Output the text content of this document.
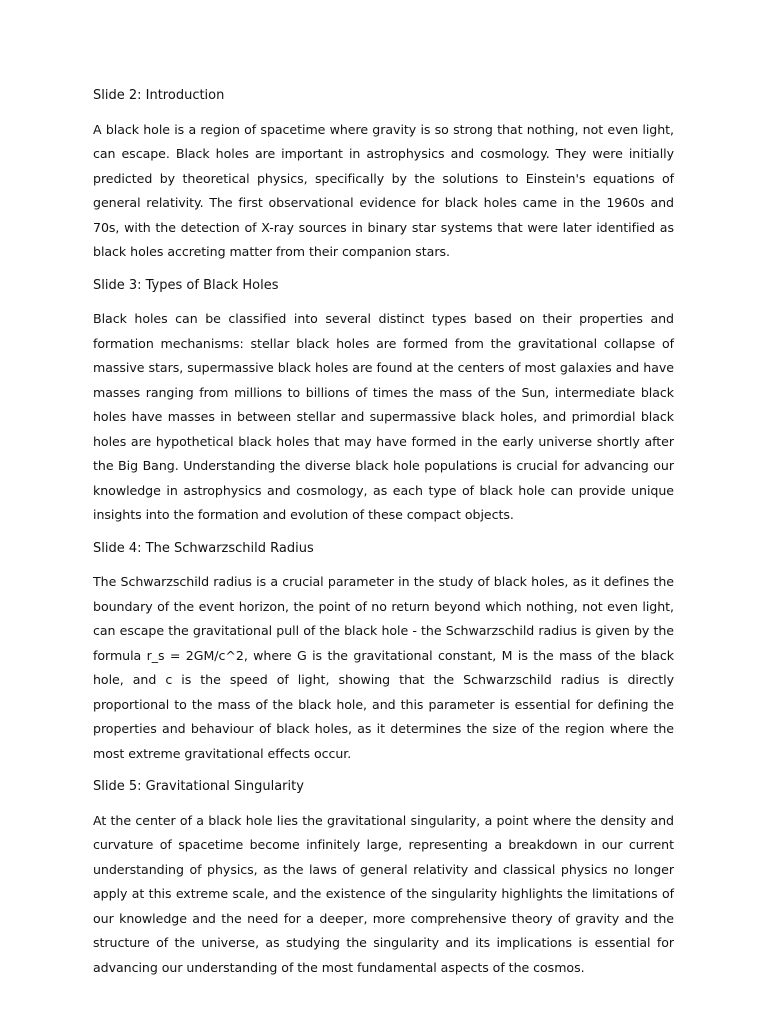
Slide 2: Introduction

A black hole is a region of spacetime where gravity is so strong that nothing, not even light, can escape. Black holes are important in astrophysics and cosmology. They were initially predicted by theoretical physics, specifically by the solutions to Einstein's equations of general relativity. The first observational evidence for black holes came in the 1960s and 70s, with the detection of X-ray sources in binary star systems that were later identified as black holes accreting matter from their companion stars.

Slide 3: Types of Black Holes

Black holes can be classified into several distinct types based on their properties and formation mechanisms: stellar black holes are formed from the gravitational collapse of massive stars, supermassive black holes are found at the centers of most galaxies and have masses ranging from millions to billions of times the mass of the Sun, intermediate black holes have masses in between stellar and supermassive black holes, and primordial black holes are hypothetical black holes that may have formed in the early universe shortly after the Big Bang. Understanding the diverse black hole populations is crucial for advancing our knowledge in astrophysics and cosmology, as each type of black hole can provide unique insights into the formation and evolution of these compact objects.

Slide 4: The Schwarzschild Radius

The Schwarzschild radius is a crucial parameter in the study of black holes, as it defines the boundary of the event horizon, the point of no return beyond which nothing, not even light, can escape the gravitational pull of the black hole - the Schwarzschild radius is given by the formula r_s = 2GM/c^2, where G is the gravitational constant, M is the mass of the black hole, and c is the speed of light, showing that the Schwarzschild radius is directly proportional to the mass of the black hole, and this parameter is essential for defining the properties and behaviour of black holes, as it determines the size of the region where the most extreme gravitational effects occur.

Slide 5: Gravitational Singularity

At the center of a black hole lies the gravitational singularity, a point where the density and curvature of spacetime become infinitely large, representing a breakdown in our current understanding of physics, as the laws of general relativity and classical physics no longer apply at this extreme scale, and the existence of the singularity highlights the limitations of our knowledge and the need for a deeper, more comprehensive theory of gravity and the structure of the universe, as studying the singularity and its implications is essential for advancing our understanding of the most fundamental aspects of the cosmos.
